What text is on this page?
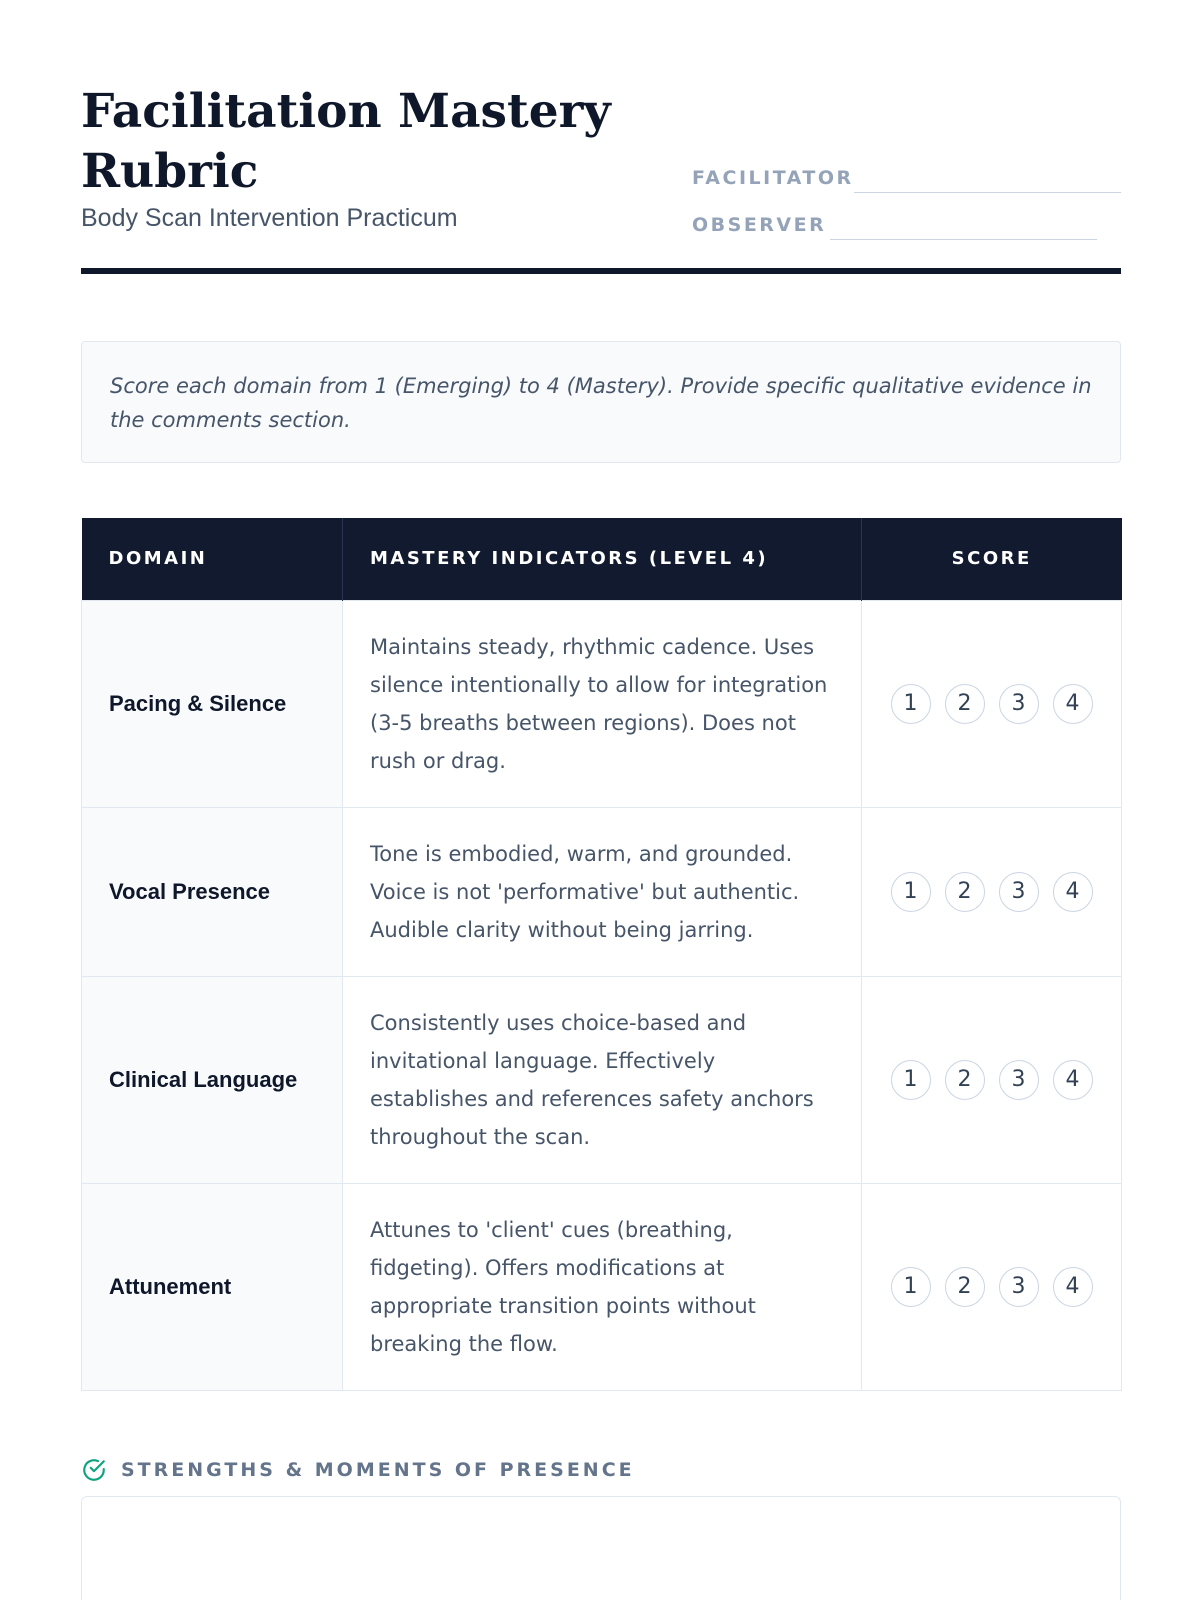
Facilitation Mastery Rubric
Body Scan Intervention Practicum
FACILITATOR
OBSERVER

Score each domain from 1 (Emerging) to 4 (Mastery). Provide specific qualitative evidence in the comments section.

DOMAIN	MASTERY INDICATORS (LEVEL 4)	SCORE
Pacing & Silence	Maintains steady, rhythmic cadence. Uses silence intentionally to allow for integration (3-5 breaths between regions). Does not rush or drag.	1 2 3 4

Vocal Presence	Tone is embodied, warm, and grounded. Voice is not 'performative' but authentic. Audible clarity without being jarring.	1 2 3 4

Clinical Language	Consistently uses choice-based and invitational language. Effectively establishes and references safety anchors throughout the scan.	1 2 3 4

Attunement	Attunes to 'client' cues (breathing, fidgeting). Offers modifications at appropriate transition points without breaking the flow.	1 2 3 4
STRENGTHS & MOMENTS OF PRESENCE
